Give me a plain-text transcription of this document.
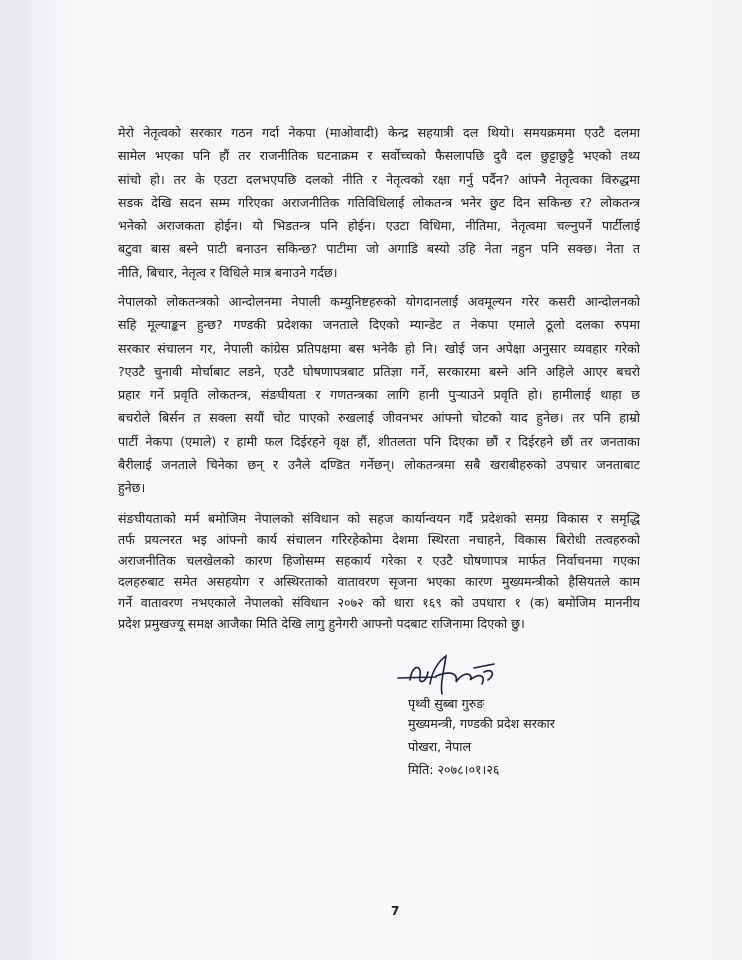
मेरो नेतृत्वको सरकार गठन गर्दा नेकपा (माओवादी) केन्द्र सहयात्री दल थियो। समयक्रममा एउटै दलमा
सामेल भएका पनि हौं तर राजनीतिक घटनाक्रम र सर्वोच्चको फैसलापछि दुवै दल छुट्टाछुट्टै भएको तथ्य
सांचो हो। तर के एउटा दलभएपछि दलको नीति र नेतृत्वको रक्षा गर्नु पर्दैन? आंफ्नै नेतृत्वका विरुद्धमा
सडक देखि सदन सम्म गरिएका अराजनीतिक गतिविधिलाई लोकतन्त्र भनेर छुट दिन सकिन्छ र? लोकतन्त्र
भनेको अराजकता होईन। यो भिडतन्त्र पनि होईन। एउटा विधिमा, नीतिमा, नेतृत्वमा चल्नुपर्ने पार्टीलाई
बटुवा बास बस्ने पाटी बनाउन सकिन्छ? पाटीमा जो अगाडि बस्यो उहि नेता नहुन पनि सक्छ। नेता त
नीति, बिचार, नेतृत्व र विधिले मात्र बनाउने गर्दछ।
नेपालको लोकतन्त्रको आन्दोलनमा नेपाली कम्युनिष्टहरुको योगदानलाई अवमूल्यन गरेर कसरी आन्दोलनको
सहि मूल्याङ्कन हुन्छ? गण्डकी प्रदेशका जनताले दिएको म्यान्डेट त नेकपा एमाले ठूलो दलका रुपमा
सरकार संचालन गर, नेपाली कांग्रेस प्रतिपक्षमा बस भनेकै हो नि। खोई जन अपेक्षा अनुसार व्यवहार गरेको
?एउटै चुनावी मोर्चाबाट लडने, एउटै घोषणापत्रबाट प्रतिज्ञा गर्ने, सरकारमा बस्ने अनि अहिले आएर बचरो
प्रहार गर्ने प्रवृति लोकतन्त्र, संङघीयता र गणतन्त्रका लागि हानी पुर्‍याउने प्रवृति हो। हामीलाई थाहा छ
बचरोले बिर्सन त सक्ला सयौं चोट पाएको रुखलाई जीवनभर आंफ्नो चोटको याद हुनेछ। तर पनि हाम्रो
पार्टी नेकपा (एमाले) र हामी फल दिईरहने वृक्ष हौं, शीतलता पनि दिएका छौं र दिईरहने छौं तर जनताका
बैरीलाई जनताले चिनेका छन् र उनैले दण्डित गर्नेछन्। लोकतन्त्रमा सबै खराबीहरुको उपचार जनताबाट
हुनेछ।
संङघीयताको मर्म बमोजिम नेपालको संविधान को सहज कार्यान्वयन गर्दै प्रदेशको समग्र विकास र समृद्धि
तर्फ प्रयत्नरत भइ आंफ्नो कार्य संचालन गरिरहेकोमा देशमा स्थिरता नचाहने, विकास बिरोधी तत्वहरुको
अराजनीतिक चलखेलको कारण हिजोसम्म सहकार्य गरेका र एउटै घोषणापत्र मार्फत निर्वाचनमा गएका
दलहरुबाट समेत असहयोग र अस्थिरताको वातावरण सृजना भएका कारण मुख्यमन्त्रीको हैसियतले काम
गर्ने वातावरण नभएकाले नेपालको संविधान २०७२ को धारा १६९ को उपधारा १ (क) बमोजिम माननीय
प्रदेश प्रमुखज्यू समक्ष आजैका मिति देखि लागु हुनेगरी आफ्नो पदबाट राजिनामा दिएको छु।
पृथ्वी सुब्बा गुरुङ
मुख्यमन्त्री, गण्डकी प्रदेश सरकार
पोखरा, नेपाल
मिति: २०७८।०१।२६
7
